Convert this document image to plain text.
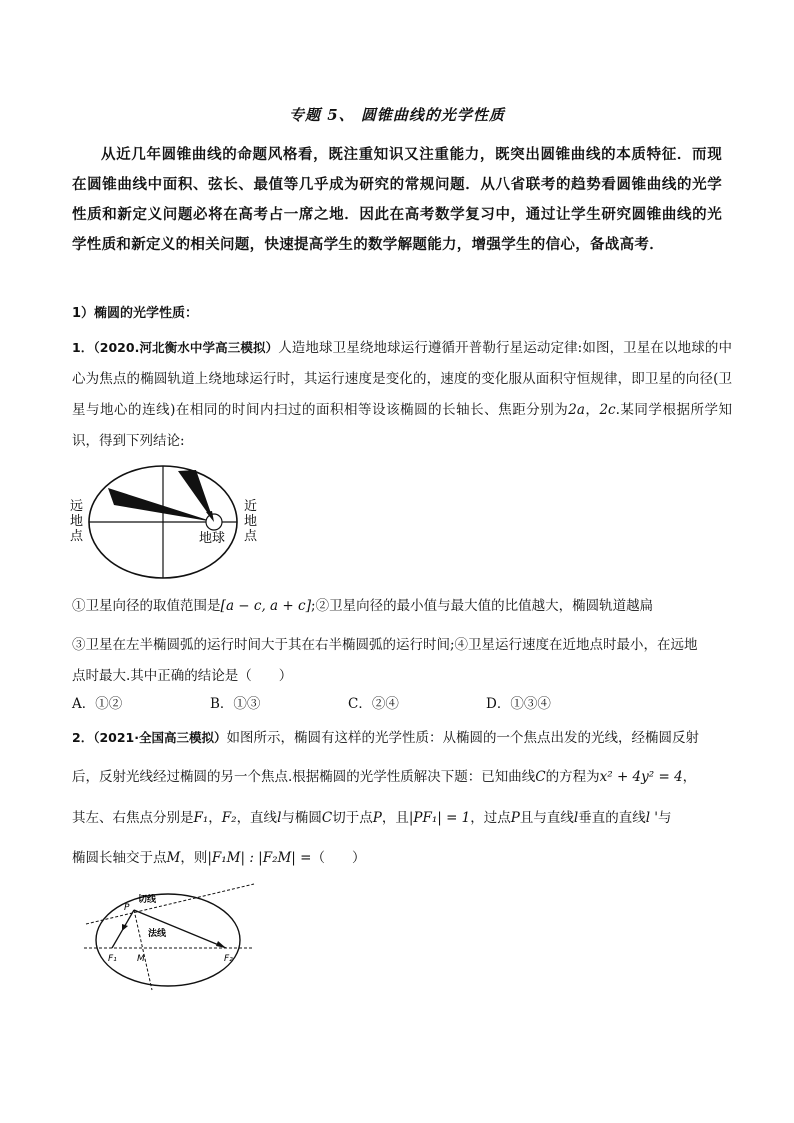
专题 5、 圆锥曲线的光学性质
从近几年圆锥曲线的命题风格看，既注重知识又注重能力，既突出圆锥曲线的本质特征．而现在圆锥曲线中面积、弦长、最值等几乎成为研究的常规问题．从八省联考的趋势看圆锥曲线的光学性质和新定义问题必将在高考占一席之地．因此在高考数学复习中，通过让学生研究圆锥曲线的光学性质和新定义的相关问题，快速提高学生的数学解题能力，增强学生的信心，备战高考．
1）椭圆的光学性质：
1．（2020.河北衡水中学高三模拟）人造地球卫星绕地球运行遵循开普勒行星运动定律:如图，卫星在以地球的中心为焦点的椭圆轨道上绕地球运行时，其运行速度是变化的，速度的变化服从面积守恒规律，即卫星的向径(卫星与地心的连线)在相同的时间内扫过的面积相等设该椭圆的长轴长、焦距分别为2a，2c.某同学根据所学知识，得到下列结论:
远
地
点
近
地
点
地球
①卫星向径的取值范围是[a − c, a + c];②卫星向径的最小值与最大值的比值越大，椭圆轨道越扁
③卫星在左半椭圆弧的运行时间大于其在右半椭圆弧的运行时间;④卫星运行速度在近地点时最小，在远地
点时最大.其中正确的结论是（　　）
A．①②	B．①③	C．②④	D．①③④
2．（2021·全国高三模拟）如图所示，椭圆有这样的光学性质：从椭圆的一个焦点出发的光线，经椭圆反射
后，反射光线经过椭圆的另一个焦点.根据椭圆的光学性质解决下题：已知曲线C的方程为x² + 4y² = 4，
其左、右焦点分别是F₁，F₂，直线l与椭圆C切于点P，且|PF₁| = 1，过点P且与直线l垂直的直线l '与
椭圆长轴交于点M，则|F₁M| : |F₂M| =（　　）
切线
法线
P
F₁ M	F₂
